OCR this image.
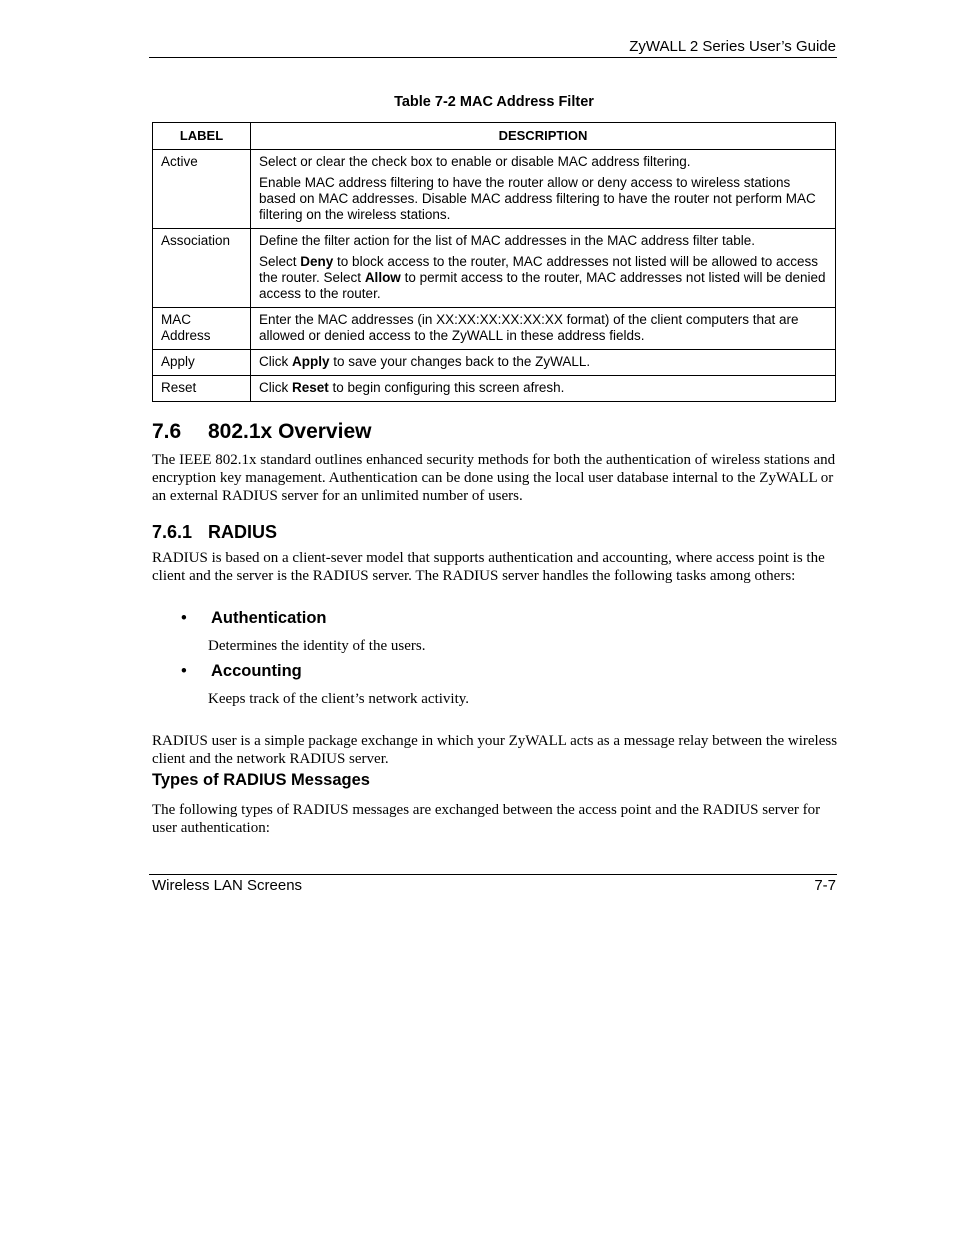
ZyWALL 2 Series User’s Guide
Table 7-2 MAC Address Filter
LABEL	DESCRIPTION
Active	Select or clear the check box to enable or disable MAC address filtering.

Enable MAC address filtering to have the router allow or deny access to wireless stations based on MAC addresses. Disable MAC address filtering to have the router not perform MAC filtering on the wireless stations.

Association	Define the filter action for the list of MAC addresses in the MAC address filter table.

Select Deny to block access to the router, MAC addresses not listed will be allowed to access the router. Select Allow to permit access to the router, MAC addresses not listed will be denied access to the router.

MAC
Address	Enter the MAC addresses (in XX:XX:XX:XX:XX:XX format) of the client computers that are allowed or denied access to the ZyWALL in these address fields.

Apply	Click Apply to save your changes back to the ZyWALL.
Reset	Click Reset to begin configuring this screen afresh.
7.6 802.1x Overview
The IEEE 802.1x standard outlines enhanced security methods for both the authentication of wireless stations and encryption key management. Authentication can be done using the local user database internal to the ZyWALL or an external RADIUS server for an unlimited number of users.
7.6.1 RADIUS
RADIUS is based on a client-sever model that supports authentication and accounting, where access point is the client and the server is the RADIUS server. The RADIUS server handles the following tasks among others:
• Authentication
Determines the identity of the users.
• Accounting
Keeps track of the client’s network activity.
RADIUS user is a simple package exchange in which your ZyWALL acts as a message relay between the wireless client and the network RADIUS server.
Types of RADIUS Messages
The following types of RADIUS messages are exchanged between the access point and the RADIUS server for user authentication:
Wireless LAN Screens	7-7
